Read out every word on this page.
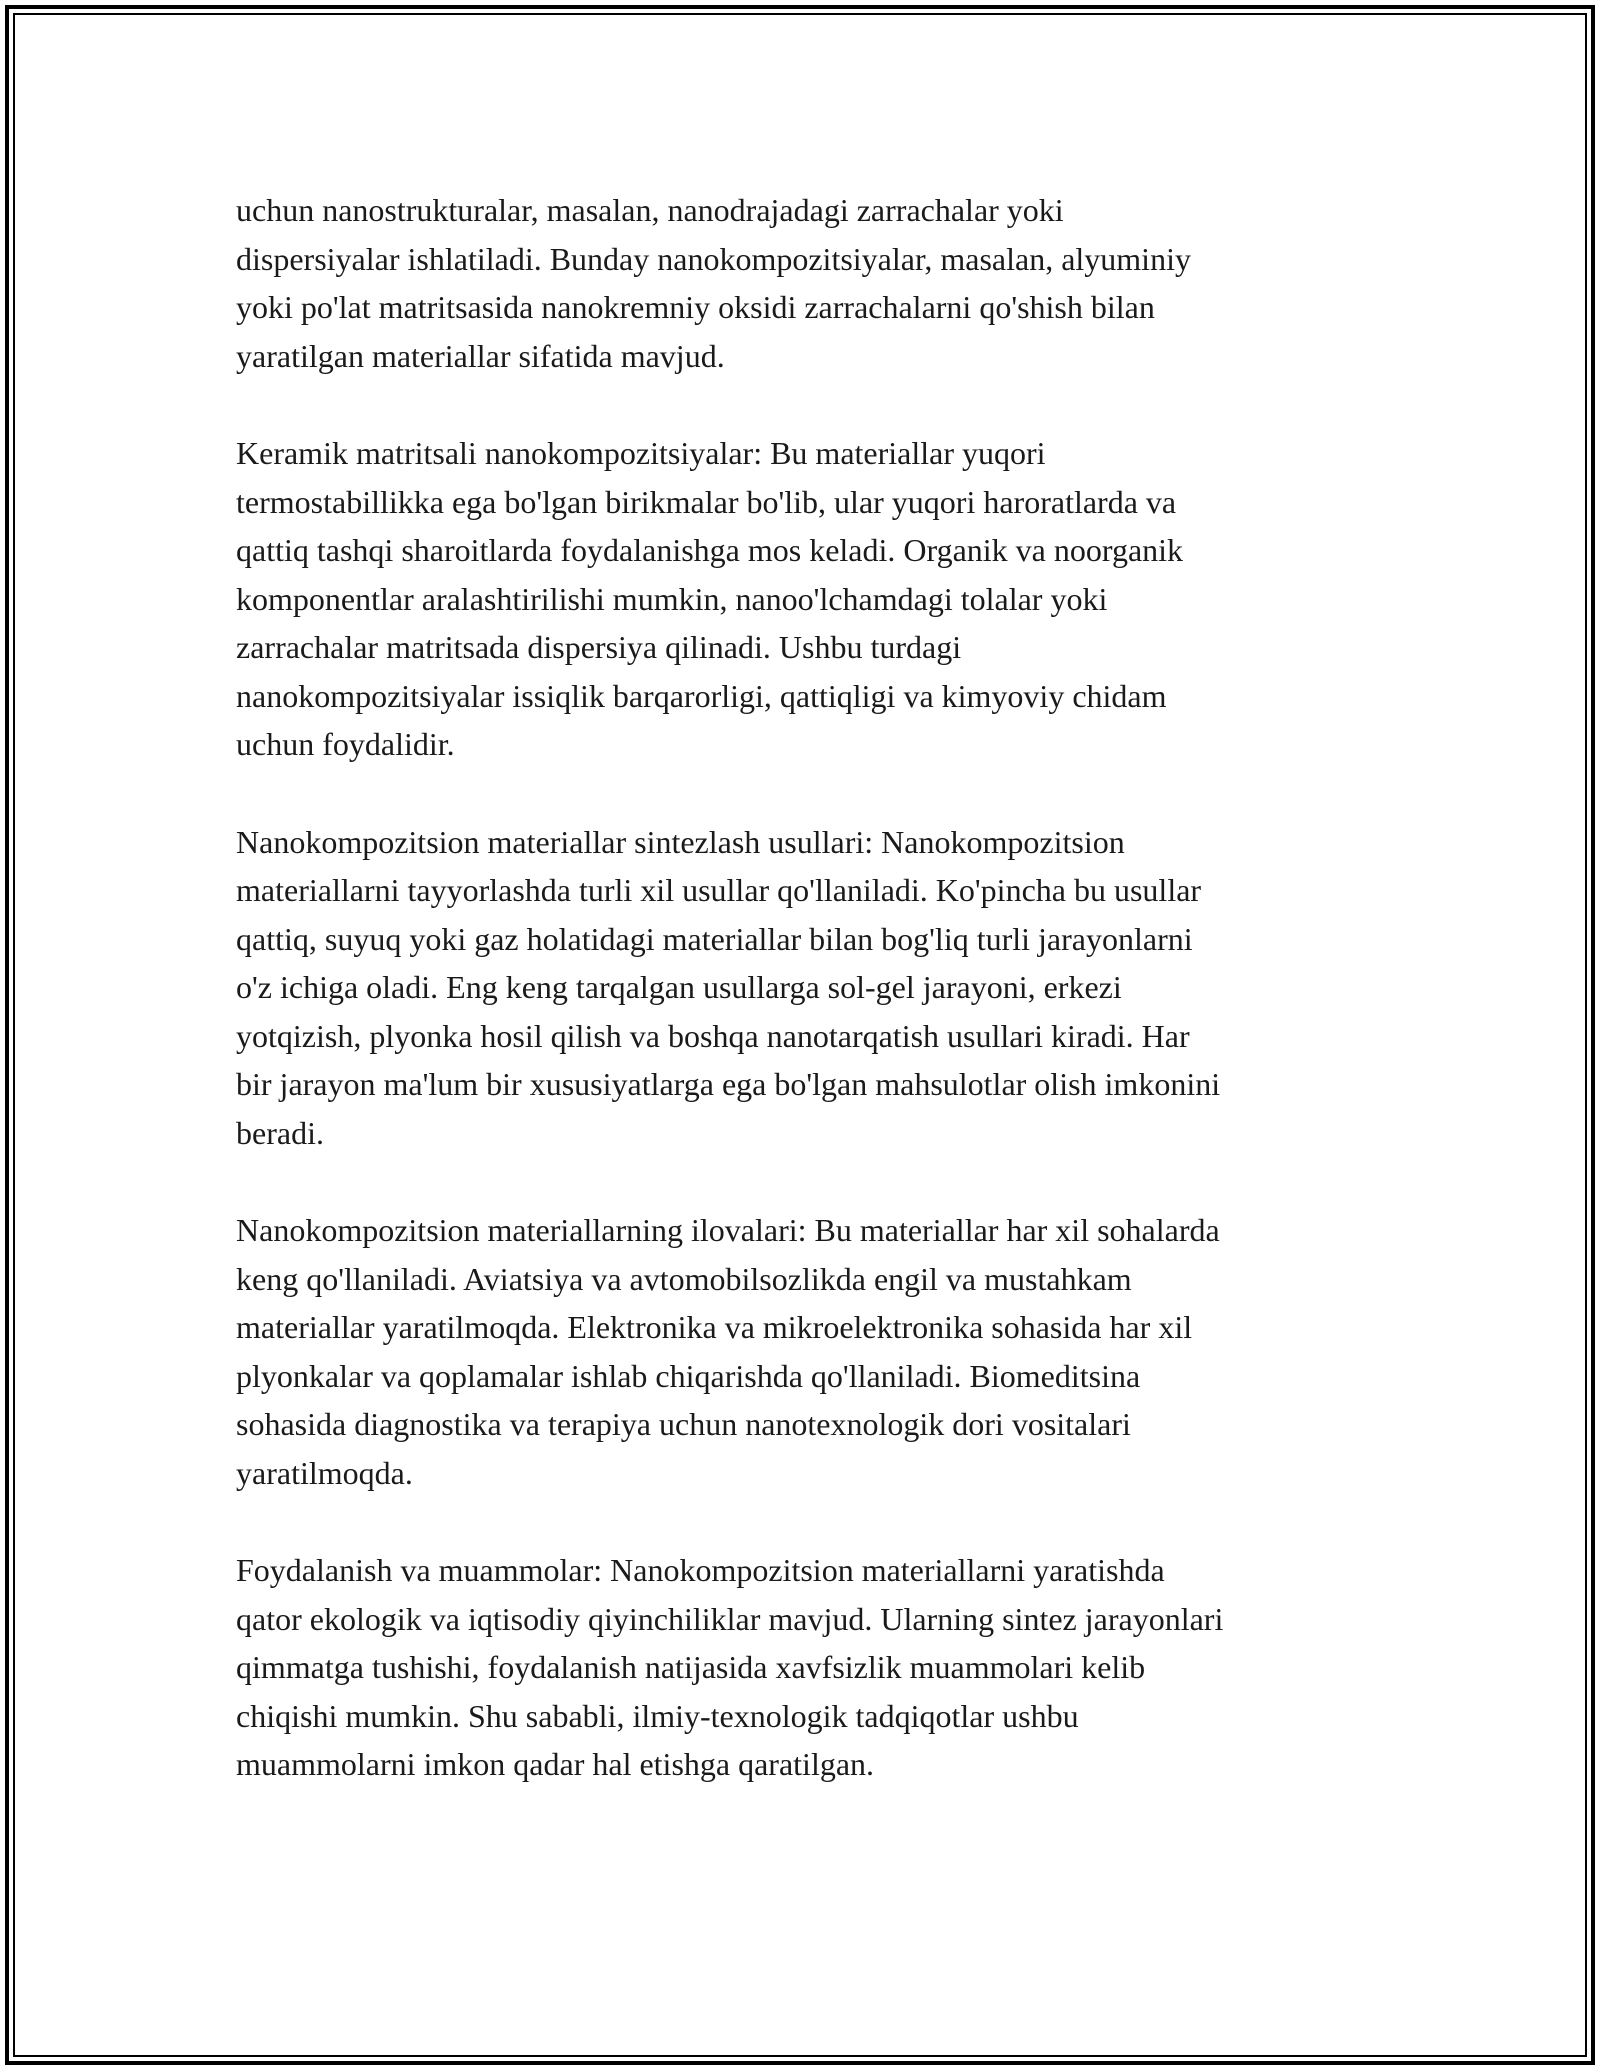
uchun nanostrukturalar, masalan, nanodrajadagi zarrachalar yoki
dispersiyalar ishlatiladi. Bunday nanokompozitsiyalar, masalan, alyuminiy
yoki po'lat matritsasida nanokremniy oksidi zarrachalarni qo'shish bilan
yaratilgan materiallar sifatida mavjud.

Keramik matritsali nanokompozitsiyalar: Bu materiallar yuqori
termostabillikka ega bo'lgan birikmalar bo'lib, ular yuqori haroratlarda va
qattiq tashqi sharoitlarda foydalanishga mos keladi. Organik va noorganik
komponentlar aralashtirilishi mumkin, nanoo'lchamdagi tolalar yoki
zarrachalar matritsada dispersiya qilinadi. Ushbu turdagi
nanokompozitsiyalar issiqlik barqarorligi, qattiqligi va kimyoviy chidam
uchun foydalidir.

Nanokompozitsion materiallar sintezlash usullari: Nanokompozitsion
materiallarni tayyorlashda turli xil usullar qo'llaniladi. Ko'pincha bu usullar
qattiq, suyuq yoki gaz holatidagi materiallar bilan bog'liq turli jarayonlarni
o'z ichiga oladi. Eng keng tarqalgan usullarga sol-gel jarayoni, erkezi
yotqizish, plyonka hosil qilish va boshqa nanotarqatish usullari kiradi. Har
bir jarayon ma'lum bir xususiyatlarga ega bo'lgan mahsulotlar olish imkonini
beradi.

Nanokompozitsion materiallarning ilovalari: Bu materiallar har xil sohalarda
keng qo'llaniladi. Aviatsiya va avtomobilsozlikda engil va mustahkam
materiallar yaratilmoqda. Elektronika va mikroelektronika sohasida har xil
plyonkalar va qoplamalar ishlab chiqarishda qo'llaniladi. Biomeditsina
sohasida diagnostika va terapiya uchun nanotexnologik dori vositalari
yaratilmoqda.

Foydalanish va muammolar: Nanokompozitsion materiallarni yaratishda
qator ekologik va iqtisodiy qiyinchiliklar mavjud. Ularning sintez jarayonlari
qimmatga tushishi, foydalanish natijasida xavfsizlik muammolari kelib
chiqishi mumkin. Shu sababli, ilmiy-texnologik tadqiqotlar ushbu
muammolarni imkon qadar hal etishga qaratilgan.
